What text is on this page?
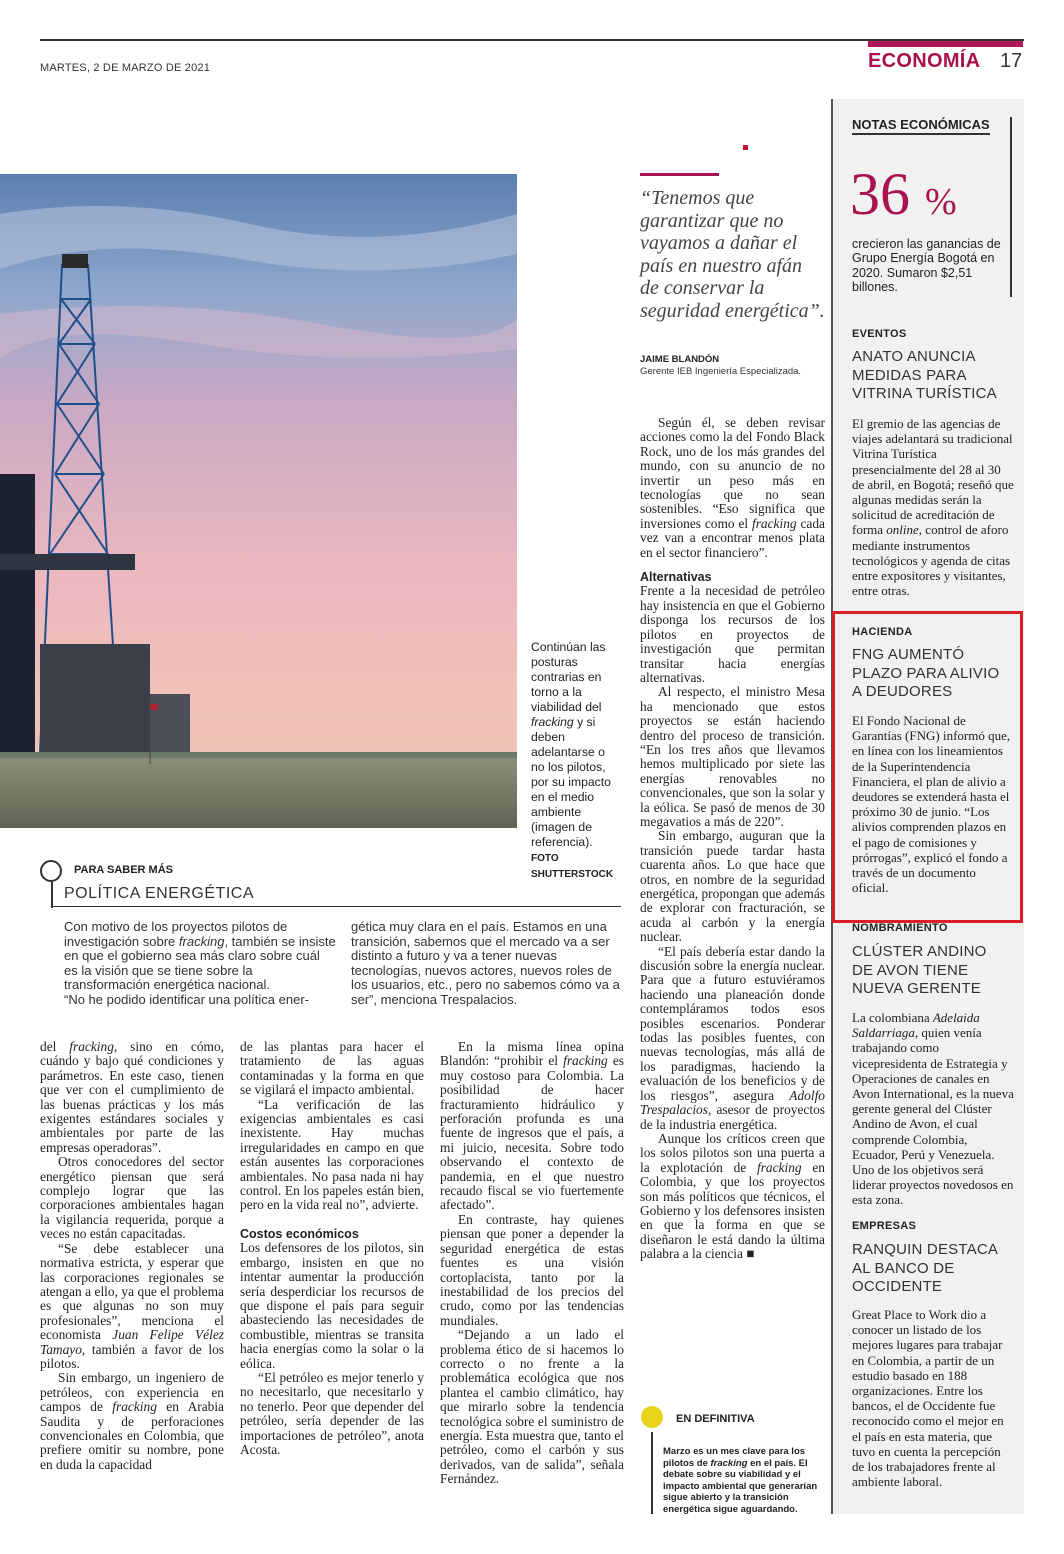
MARTES, 2 DE MARZO DE 2021	ECONOMÍA 17
Continúan las posturas contrarias en torno a la viabilidad del fracking y si deben adelantarse o no los pilotos, por su impacto en el medio ambiente (imagen de referencia). FOTO SHUTTERSTOCK
“Tenemos que garantizar que no vayamos a dañar el país en nuestro afán de conservar la seguridad energética”.
JAIME BLANDÓN
Gerente IEB Ingeniería Especializada.
PARA SABER MÁS
POLÍTICA ENERGÉTICA
Con motivo de los proyectos pilotos de investigación sobre fracking, también se insiste en que el gobierno sea más claro sobre cuál es la visión que se tiene sobre la transformación energética nacional.
“No he podido identificar una política ener-
gética muy clara en el país. Estamos en una transición, sabemos que el mercado va a ser distinto a futuro y va a tener nuevas tecnologías, nuevos actores, nuevos roles de los usuarios, etc., pero no sabemos cómo va a ser”, menciona Trespalacios.

del fracking, sino en cómo, cuándo y bajo qué condiciones y parámetros. En este caso, tienen que ver con el cumplimiento de las buenas prácticas y los más exigentes estándares sociales y ambientales por parte de las empresas operadoras”.

Otros conocedores del sector energético piensan que será complejo lograr que las corporaciones ambientales hagan la vigilancia requerida, porque a veces no están capacitadas.

“Se debe establecer una normativa estricta, y esperar que las corporaciones regionales se atengan a ello, ya que el problema es que algunas no son muy profesionales”, menciona el economista Juan Felipe Vélez Tamayo, también a favor de los pilotos.

Sin embargo, un ingeniero de petróleos, con experiencia en campos de fracking en Arabia Saudita y de perforaciones convencionales en Colombia, que prefiere omitir su nombre, pone en duda la capacidad

de las plantas para hacer el tratamiento de las aguas contaminadas y la forma en que se vigilará el impacto ambiental.

“La verificación de las exigencias ambientales es casi inexistente. Hay muchas irregularidades en campo en que están ausentes las corporaciones ambientales. No pasa nada ni hay control. En los papeles están bien, pero en la vida real no”, advierte.

Costos económicos

Los defensores de los pilotos, sin embargo, insisten en que no intentar aumentar la producción sería desperdiciar los recursos de que dispone el país para seguir abasteciendo las necesidades de combustible, mientras se transita hacia energías como la solar o la eólica.

“El petróleo es mejor tenerlo y no necesitarlo, que necesitarlo y no tenerlo. Peor que depender del petróleo, sería depender de las importaciones de petróleo”, anota Acosta.

En la misma línea opina Blandón: “prohibir el fracking es muy costoso para Colombia. La posibilidad de hacer fracturamiento hidráulico y perforación profunda es una fuente de ingresos que el país, a mi juicio, necesita. Sobre todo observando el contexto de pandemia, en el que nuestro recaudo fiscal se vio fuertemente afectado”.

En contraste, hay quienes piensan que poner a depender la seguridad energética de estas fuentes es una visión cortoplacista, tanto por la inestabilidad de los precios del crudo, como por las tendencias mundiales.

“Dejando a un lado el problema ético de si hacemos lo correcto o no frente a la problemática ecológica que nos plantea el cambio climático, hay que mirarlo sobre la tendencia tecnológica sobre el suministro de energía. Esta muestra que, tanto el petróleo, como el carbón y sus derivados, van de salida”, señala Fernández.

Según él, se deben revisar acciones como la del Fondo Black Rock, uno de los más grandes del mundo, con su anuncio de no invertir un peso más en tecnologías que no sean sostenibles. “Eso significa que inversiones como el fracking cada vez van a encontrar menos plata en el sector financiero”.

Alternativas

Frente a la necesidad de petróleo hay insistencia en que el Gobierno disponga los recursos de los pilotos en proyectos de investigación que permitan transitar hacia energías alternativas.

Al respecto, el ministro Mesa ha mencionado que estos proyectos se están haciendo dentro del proceso de transición. “En los tres años que llevamos hemos multiplicado por siete las energías renovables no convencionales, que son la solar y la eólica. Se pasó de menos de 30 megavatios a más de 220”.

Sin embargo, auguran que la transición puede tardar hasta cuarenta años. Lo que hace que otros, en nombre de la seguridad energética, propongan que además de explorar con fracturación, se acuda al carbón y la energía nuclear.

“El país debería estar dando la discusión sobre la energía nuclear. Para que a futuro estuviéramos haciendo una planeación donde contempláramos todos esos posibles escenarios. Ponderar todas las posibles fuentes, con nuevas tecnologías, más allá de los paradigmas, haciendo la evaluación de los beneficios y de los riesgos”, asegura Adolfo Trespalacios, asesor de proyectos de la industria energética.

Aunque los críticos creen que los solos pilotos son una puerta a la explotación de fracking en Colombia, y que los proyectos son más políticos que técnicos, el Gobierno y los defensores insisten en que la forma en que se diseñaron le está dando la última palabra a la ciencia ■

EN DEFINITIVA
Marzo es un mes clave para los pilotos de fracking en el país. El debate sobre su viabilidad y el impacto ambiental que generarían sigue abierto y la transición energética sigue aguardando.
NOTAS ECONÓMICAS
36 %
crecieron las ganancias de Grupo Energía Bogotá en 2020. Sumaron $2,51 billones.
EVENTOS
ANATO ANUNCIA MEDIDAS PARA VITRINA TURÍSTICA
El gremio de las agencias de viajes adelantará su tradicional Vitrina Turística presencialmente del 28 al 30 de abril, en Bogotá; reseñó que algunas medidas serán la solicitud de acreditación de forma online, control de aforo mediante instrumentos tecnológicos y agenda de citas entre expositores y visitantes, entre otras.
HACIENDA
FNG AUMENTÓ PLAZO PARA ALIVIO A DEUDORES
El Fondo Nacional de Garantías (FNG) informó que, en línea con los lineamientos de la Superintendencia Financiera, el plan de alivio a deudores se extenderá hasta el próximo 30 de junio. “Los alivios comprenden plazos en el pago de comisiones y prórrogas”, explicó el fondo a través de un documento oficial.
NOMBRAMIENTO
CLÚSTER ANDINO DE AVON TIENE NUEVA GERENTE
La colombiana Adelaida Saldarriaga, quien venía trabajando como vicepresidenta de Estrategia y Operaciones de canales en Avon International, es la nueva gerente general del Clúster Andino de Avon, el cual comprende Colombia, Ecuador, Perú y Venezuela. Uno de los objetivos será liderar proyectos novedosos en esta zona.
EMPRESAS
RANQUIN DESTACA AL BANCO DE OCCIDENTE
Great Place to Work dio a conocer un listado de los mejores lugares para trabajar en Colombia, a partir de un estudio basado en 188 organizaciones. Entre los bancos, el de Occidente fue reconocido como el mejor en el país en esta materia, que tuvo en cuenta la percepción de los trabajadores frente al ambiente laboral.
